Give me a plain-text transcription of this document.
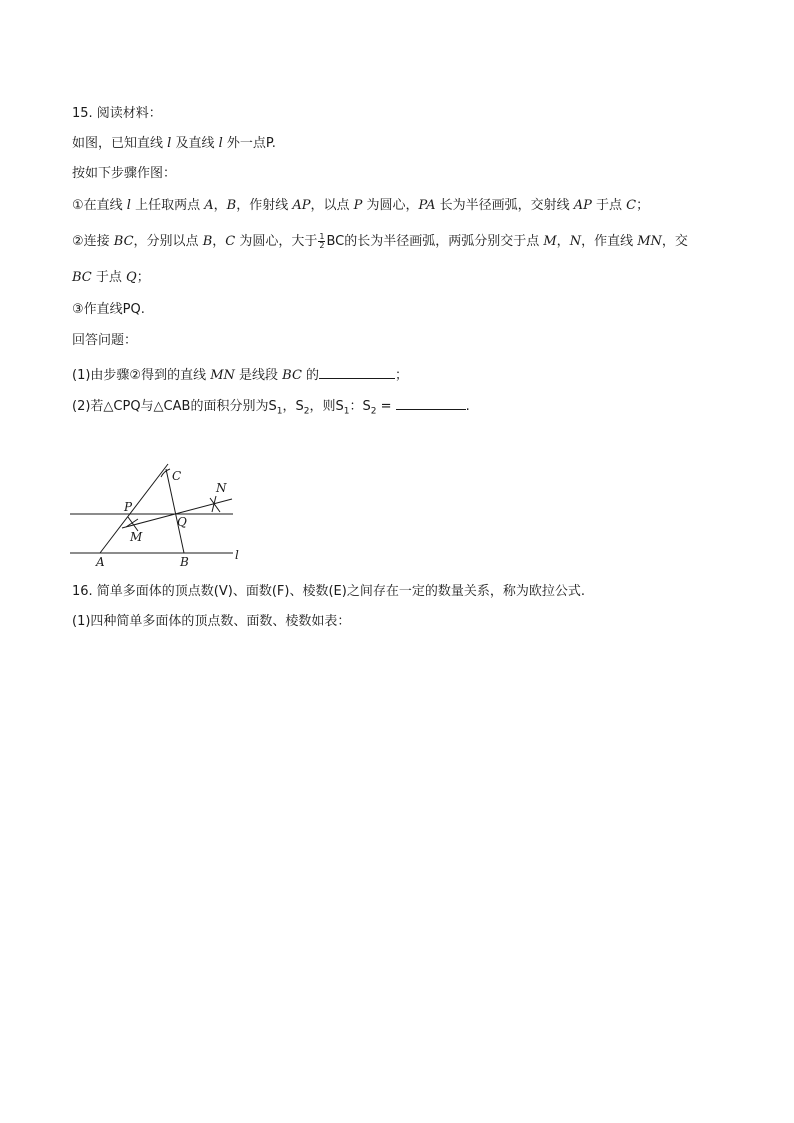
15. 阅读材料：
如图，已知直线 l 及直线 l 外一点P.
按如下步骤作图：
①在直线 l 上任取两点 A，B，作射线 AP，以点 P 为圆心，PA 长为半径画弧，交射线 AP 于点 C；
②连接 BC，分别以点 B，C 为圆心，大于 $\frac{1}{2}$ BC的长为半径画弧，两弧分别交于点 M，N，作直线 MN，交
BC 于点 Q；
③作直线PQ.
回答问题：
(1)由步骤②得到的直线 MN 是线段 BC 的	；
(2)若△CPQ与△CAB的面积分别为$S_1$，$S_2$，则$S_1$：$S_2$ =	.
C
N
P
Q
M
A	B	l
16. 简单多面体的顶点数(V)、面数(F)、棱数(E)之间存在一定的数量关系，称为欧拉公式.
(1)四种简单多面体的顶点数、面数、棱数如表：
